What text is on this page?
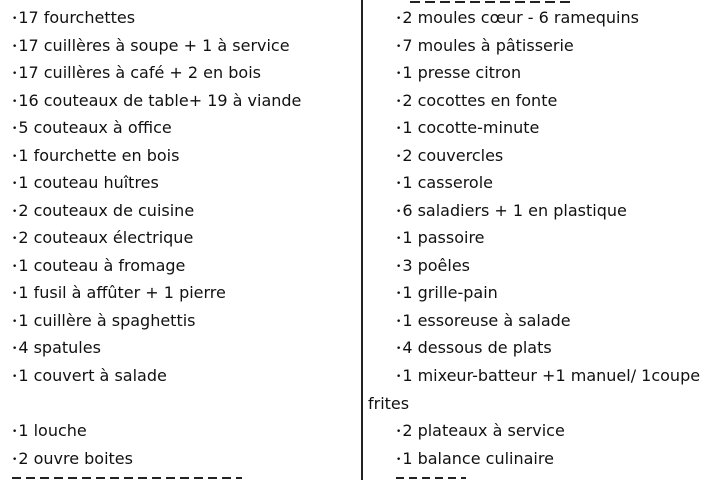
•17 fourchettes
•17 cuillères à soupe + 1 à service
•17 cuillères à café + 2 en bois
•16 couteaux de table+ 19 à viande
•5 couteaux à office
•1 fourchette en bois
•1 couteau huîtres
•2 couteaux de cuisine
•2 couteaux électrique
•1 couteau à fromage
•1 fusil à affûter + 1 pierre
•1 cuillère à spaghettis
•4 spatules
•1 couvert à salade
•1 louche
•2 ouvre boites
•2 moules cœur - 6 ramequins
•7 moules à pâtisserie
•1 presse citron
•2 cocottes en fonte
•1 cocotte-minute
•2 couvercles
•1 casserole
•6 saladiers + 1 en plastique
•1 passoire
•3 poêles
•1 grille-pain
•1 essoreuse à salade
•4 dessous de plats
•1 mixeur-batteur +1 manuel/ 1coupe
frites
•2 plateaux à service
•1 balance culinaire
